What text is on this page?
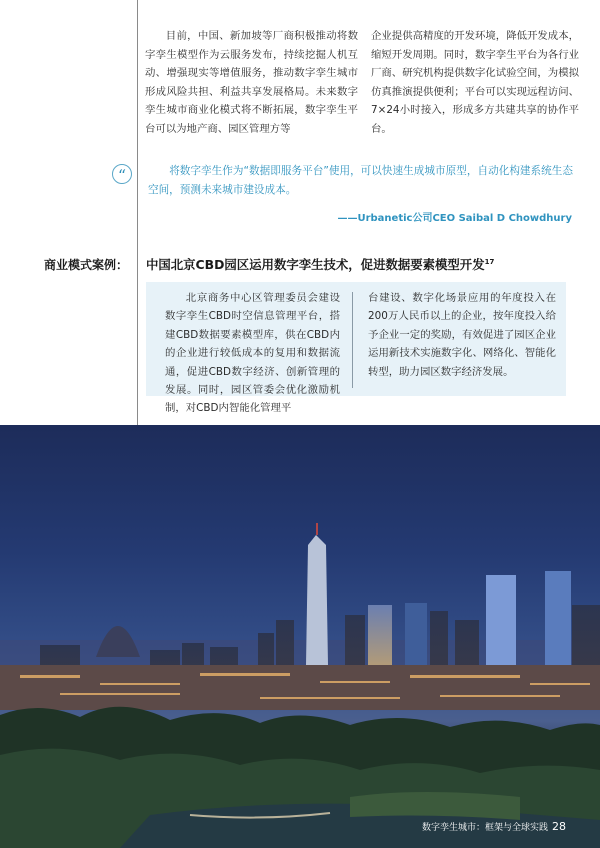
目前，中国、新加坡等厂商积极推动将数字孪生模型作为云服务发布，持续挖掘人机互动、增强现实等增值服务，推动数字孪生城市形成风险共担、利益共享发展格局。未来数字孪生城市商业化模式将不断拓展，数字孪生平台可以为地产商、园区管理方等

企业提供高精度的开发环境，降低开发成本，缩短开发周期。同时，数字孪生平台为各行业厂商、研究机构提供数字化试验空间，为模拟仿真推演提供便利；平台可以实现远程访问、7×24小时接入，形成多方共建共享的协作平台。

“	将数字孪生作为“数据即服务平台”使用，可以快速生成城市原型，自动化构建系统生态空间，预测未来城市建设成本。

——Urbanetic公司CEO Saibal D Chowdhury

商业模式案例： 中国北京CBD园区运用数字孪生技术，促进数据要素模型开发$^{17}$

北京商务中心区管理委员会建设数字孪生CBD时空信息管理平台，搭建CBD数据要素模型库，供在CBD内的企业进行较低成本的复用和数据流通，促进CBD数字经济、创新管理的发展。同时，园区管委会优化激励机制，对CBD内智能化管理平

台建设、数字化场景应用的年度投入在200万人民币以上的企业，按年度投入给予企业一定的奖励，有效促进了园区企业运用新技术实施数字化、网络化、智能化转型，助力园区数字经济发展。

数字孪生城市：框架与全球实践 28
